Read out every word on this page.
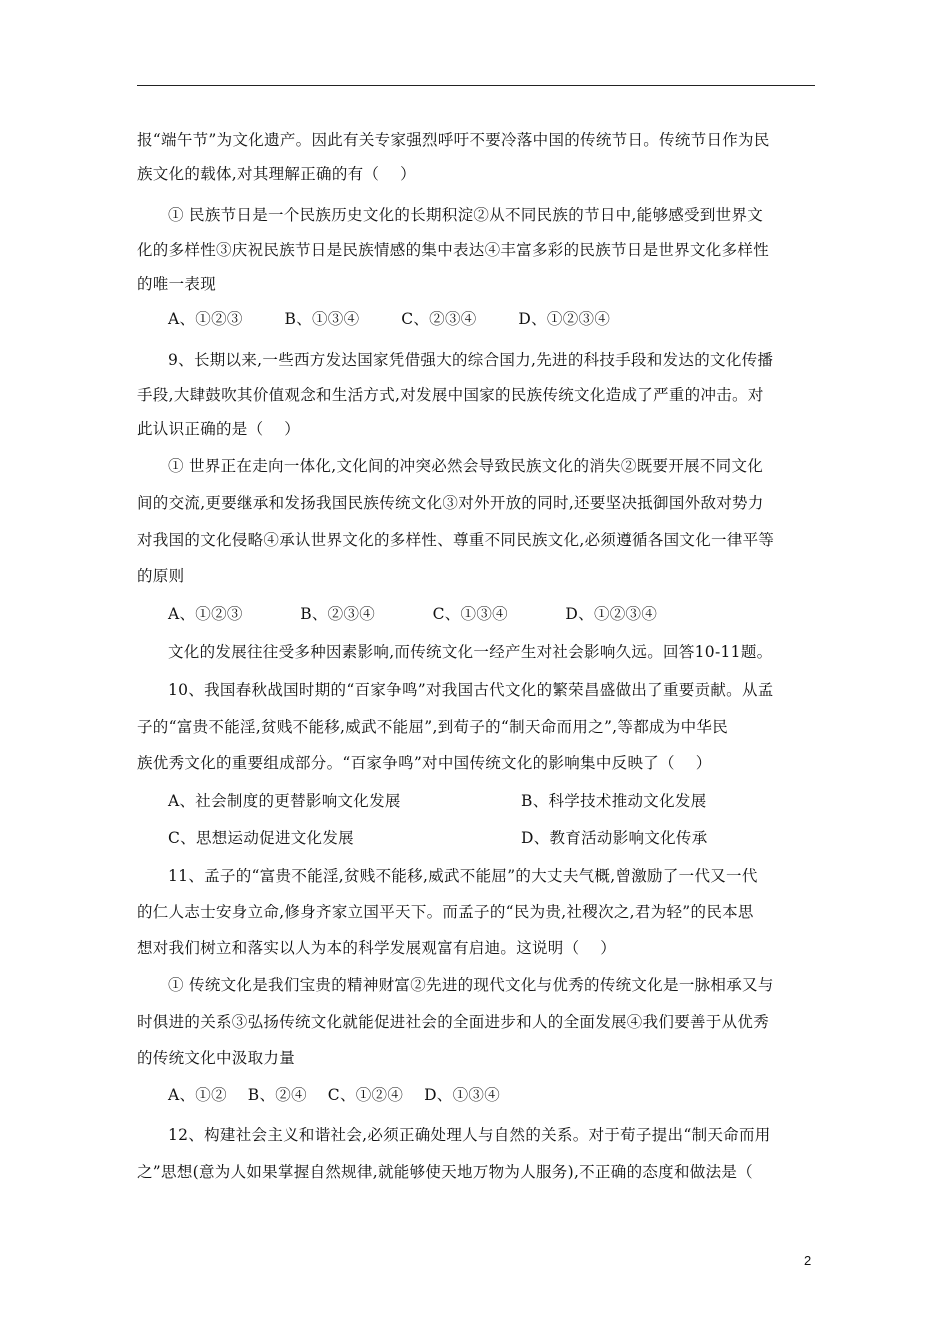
报“端午节”为文化遗产。因此有关专家强烈呼吁不要冷落中国的传统节日。传统节日作为民
族文化的载体,对其理解正确的有（    ）
① 民族节日是一个民族历史文化的长期积淀②从不同民族的节日中,能够感受到世界文
化的多样性③庆祝民族节日是民族情感的集中表达④丰富多彩的民族节日是世界文化多样性
的唯一表现
A、①②③        B、①③④        C、②③④        D、①②③④
9、长期以来,一些西方发达国家凭借强大的综合国力,先进的科技手段和发达的文化传播
手段,大肆鼓吹其价值观念和生活方式,对发展中国家的民族传统文化造成了严重的冲击。对
此认识正确的是（    ）
① 世界正在走向一体化,文化间的冲突必然会导致民族文化的消失②既要开展不同文化
间的交流,更要继承和发扬我国民族传统文化③对外开放的同时,还要坚决抵御国外敌对势力
对我国的文化侵略④承认世界文化的多样性、尊重不同民族文化,必须遵循各国文化一律平等
的原则
A、①②③           B、②③④           C、①③④           D、①②③④
文化的发展往往受多种因素影响,而传统文化一经产生对社会影响久远。回答10-11题。
10、我国春秋战国时期的“百家争鸣”对我国古代文化的繁荣昌盛做出了重要贡献。从孟
子的“富贵不能淫,贫贱不能移,威武不能屈”,到荀子的“制天命而用之”,等都成为中华民
族优秀文化的重要组成部分。“百家争鸣”对中国传统文化的影响集中反映了（    ）
A、社会制度的更替影响文化发展	B、科学技术推动文化发展
C、思想运动促进文化发展	D、教育活动影响文化传承
11、孟子的“富贵不能淫,贫贱不能移,威武不能屈”的大丈夫气概,曾激励了一代又一代
的仁人志士安身立命,修身齐家立国平天下。而孟子的“民为贵,社稷次之,君为轻”的民本思
想对我们树立和落实以人为本的科学发展观富有启迪。这说明（    ）
① 传统文化是我们宝贵的精神财富②先进的现代文化与优秀的传统文化是一脉相承又与
时俱进的关系③弘扬传统文化就能促进社会的全面进步和人的全面发展④我们要善于从优秀
的传统文化中汲取力量
A、①②    B、②④    C、①②④    D、①③④
12、构建社会主义和谐社会,必须正确处理人与自然的关系。对于荀子提出“制天命而用
之”思想(意为人如果掌握自然规律,就能够使天地万物为人服务),不正确的态度和做法是（
2
